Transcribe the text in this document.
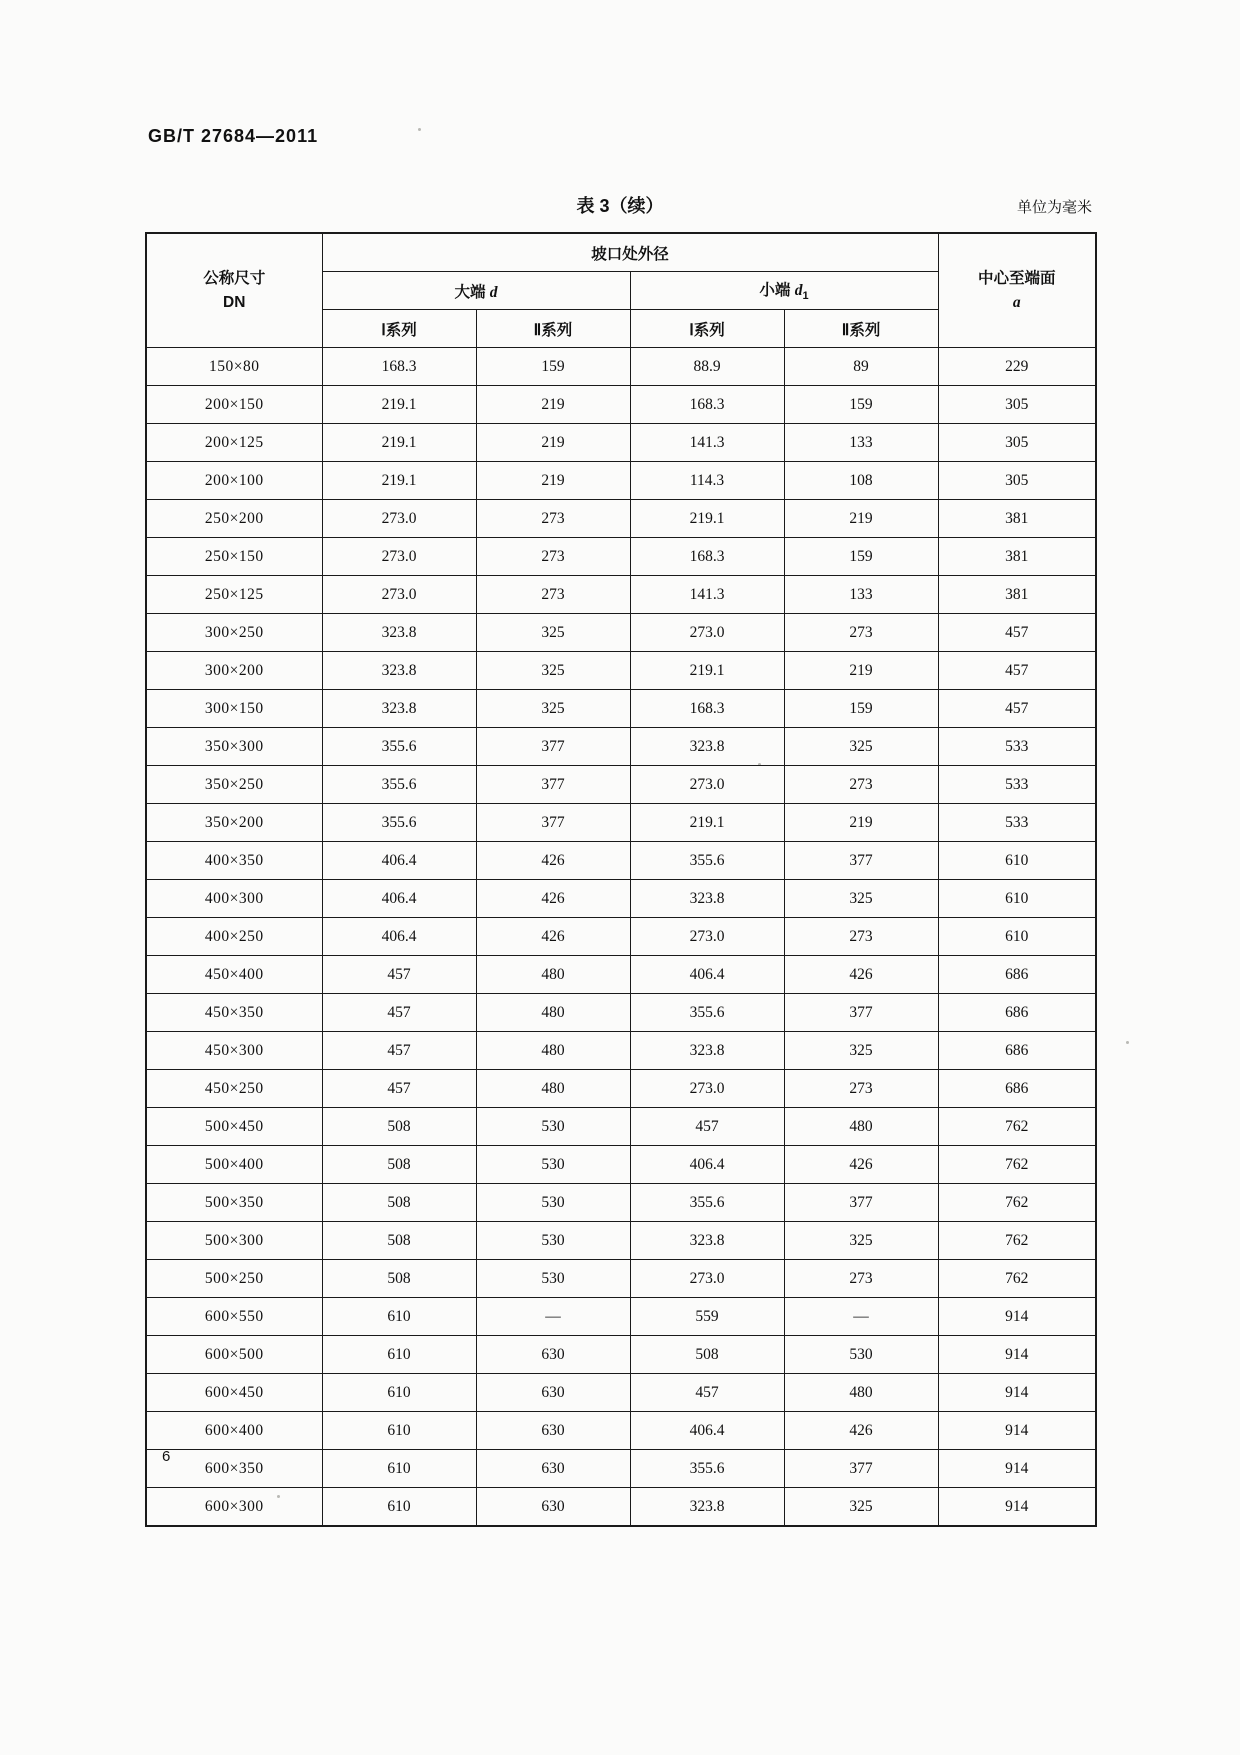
GB/T 27684—2011
表 3（续）	单位为毫米
公称尺寸
DN
	坡口处外径	
中心至端面
a

	大端 d		小端 $d_1$
	Ⅰ系列	Ⅱ系列	Ⅰ系列	Ⅱ系列	
150×80	168.3	159	88.9	89	229
200×150	219.1	219	168.3	159	305
200×125	219.1	219	141.3	133	305
200×100	219.1	219	114.3	108	305
250×200	273.0	273	219.1	219	381
250×150	273.0	273	168.3	159	381
250×125	273.0	273	141.3	133	381
300×250	323.8	325	273.0	273	457
300×200	323.8	325	219.1	219	457
300×150	323.8	325	168.3	159	457
350×300	355.6	377	323.8	325	533
350×250	355.6	377	273.0	273	533
350×200	355.6	377	219.1	219	533
400×350	406.4	426	355.6	377	610
400×300	406.4	426	323.8	325	610
400×250	406.4	426	273.0	273	610
450×400	457	480	406.4	426	686
450×350	457	480	355.6	377	686
450×300	457	480	323.8	325	686
450×250	457	480	273.0	273	686
500×450	508	530	457	480	762
500×400	508	530	406.4	426	762
500×350	508	530	355.6	377	762
500×300	508	530	323.8	325	762
500×250	508	530	273.0	273	762
600×550	610	—	559	—	914
600×500	610	630	508	530	914
600×450	610	630	457	480	914
600×400	610	630	406.4	426	914
600×350	610	630	355.6	377	914
600×300	610	630	323.8	325	914
6
